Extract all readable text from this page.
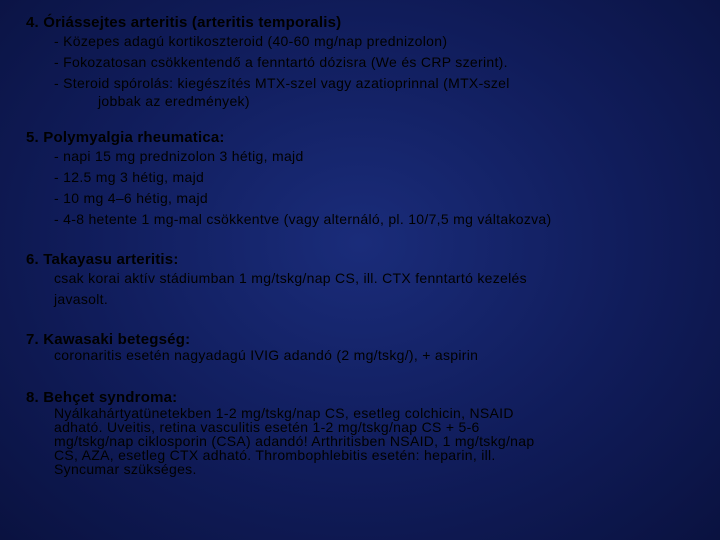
4. Óriássejtes arteritis (arteritis temporalis)
- Közepes adagú kortikoszteroid (40-60 mg/nap prednizolon)
- Fokozatosan csökkentendő a fenntartó dózisra (We és CRP szerint).
- Steroid spórolás: kiegészítés MTX-szel vagy azatioprinnal (MTX-szel
jobbak az eredmények)
5. Polymyalgia rheumatica:
- napi 15 mg prednizolon 3 hétig, majd
- 12.5 mg 3 hétig, majd
- 10 mg 4–6 hétig, majd
- 4-8 hetente 1 mg-mal csökkentve (vagy alternáló, pl. 10/7,5 mg váltakozva)
6. Takayasu arteritis:
csak korai aktív stádiumban 1 mg/tskg/nap CS, ill. CTX fenntartó kezelés
javasolt.
7. Kawasaki betegség:
coronaritis esetén nagyadagú IVIG adandó (2 mg/tskg/), + aspirin
8. Behçet syndroma:
Nyálkahártyatünetekben 1-2 mg/tskg/nap CS, esetleg colchicin, NSAID
adható. Uveitis, retina vasculitis esetén 1-2 mg/tskg/nap CS + 5-6
mg/tskg/nap ciklosporin (CSA) adandó! Arthritisben NSAID, 1 mg/tskg/nap
CS, AZA, esetleg CTX adható. Thrombophlebitis esetén: heparin, ill.
Syncumar szükséges.
